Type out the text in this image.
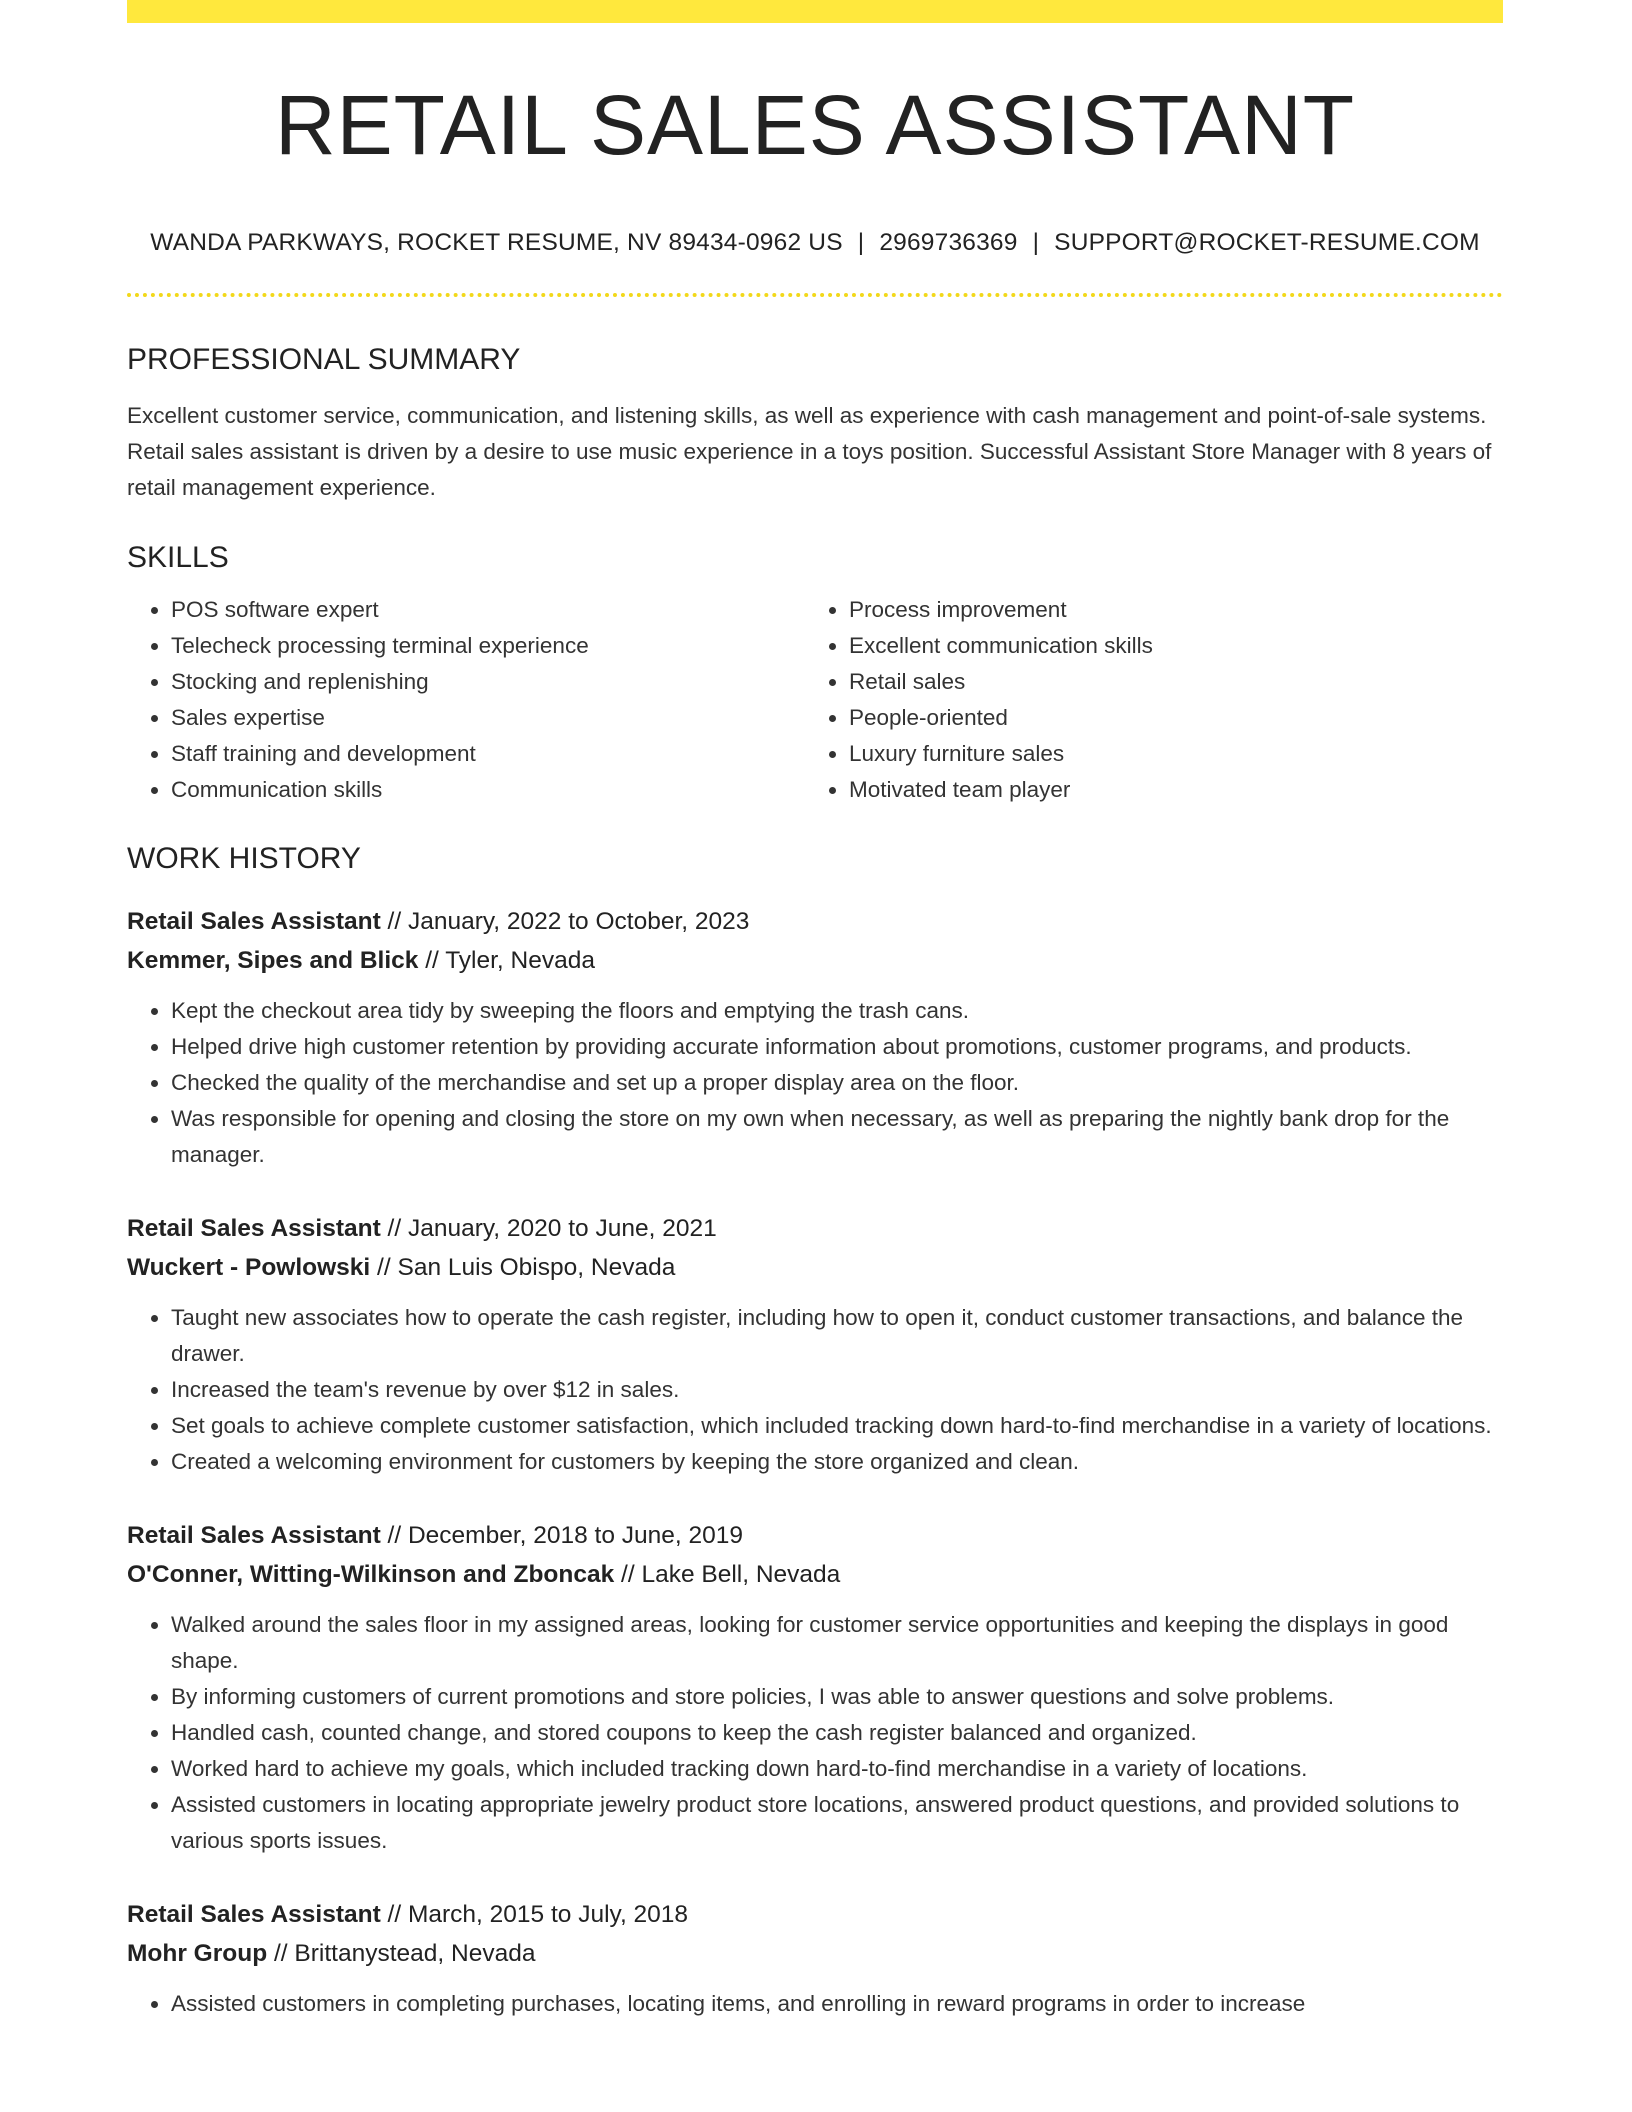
RETAIL SALES ASSISTANT
WANDA PARKWAYS, ROCKET RESUME, NV 89434-0962 US | 2969736369 | SUPPORT@ROCKET-RESUME.COM
PROFESSIONAL SUMMARY
Excellent customer service, communication, and listening skills, as well as experience with cash management and point-of-sale systems. Retail sales assistant is driven by a desire to use music experience in a toys position. Successful Assistant Store Manager with 8 years of retail management experience.
SKILLS
• POS software expert
• Telecheck processing terminal experience
• Stocking and replenishing
• Sales expertise
• Staff training and development
• Communication skills
• Process improvement
• Excellent communication skills
• Retail sales
• People-oriented
• Luxury furniture sales
• Motivated team player
WORK HISTORY
Retail Sales Assistant // January, 2022 to October, 2023
Kemmer, Sipes and Blick // Tyler, Nevada
• Kept the checkout area tidy by sweeping the floors and emptying the trash cans.
• Helped drive high customer retention by providing accurate information about promotions, customer programs, and products.
• Checked the quality of the merchandise and set up a proper display area on the floor.
• Was responsible for opening and closing the store on my own when necessary, as well as preparing the nightly bank drop for the manager.
Retail Sales Assistant // January, 2020 to June, 2021
Wuckert - Powlowski // San Luis Obispo, Nevada
• Taught new associates how to operate the cash register, including how to open it, conduct customer transactions, and balance the drawer.
• Increased the team's revenue by over $12 in sales.
• Set goals to achieve complete customer satisfaction, which included tracking down hard-to-find merchandise in a variety of locations.
• Created a welcoming environment for customers by keeping the store organized and clean.
Retail Sales Assistant // December, 2018 to June, 2019
O'Conner, Witting-Wilkinson and Zboncak // Lake Bell, Nevada
• Walked around the sales floor in my assigned areas, looking for customer service opportunities and keeping the displays in good shape.
• By informing customers of current promotions and store policies, I was able to answer questions and solve problems.
• Handled cash, counted change, and stored coupons to keep the cash register balanced and organized.
• Worked hard to achieve my goals, which included tracking down hard-to-find merchandise in a variety of locations.
• Assisted customers in locating appropriate jewelry product store locations, answered product questions, and provided solutions to various sports issues.
Retail Sales Assistant // March, 2015 to July, 2018
Mohr Group // Brittanystead, Nevada
• Assisted customers in completing purchases, locating items, and enrolling in reward programs in order to increase
